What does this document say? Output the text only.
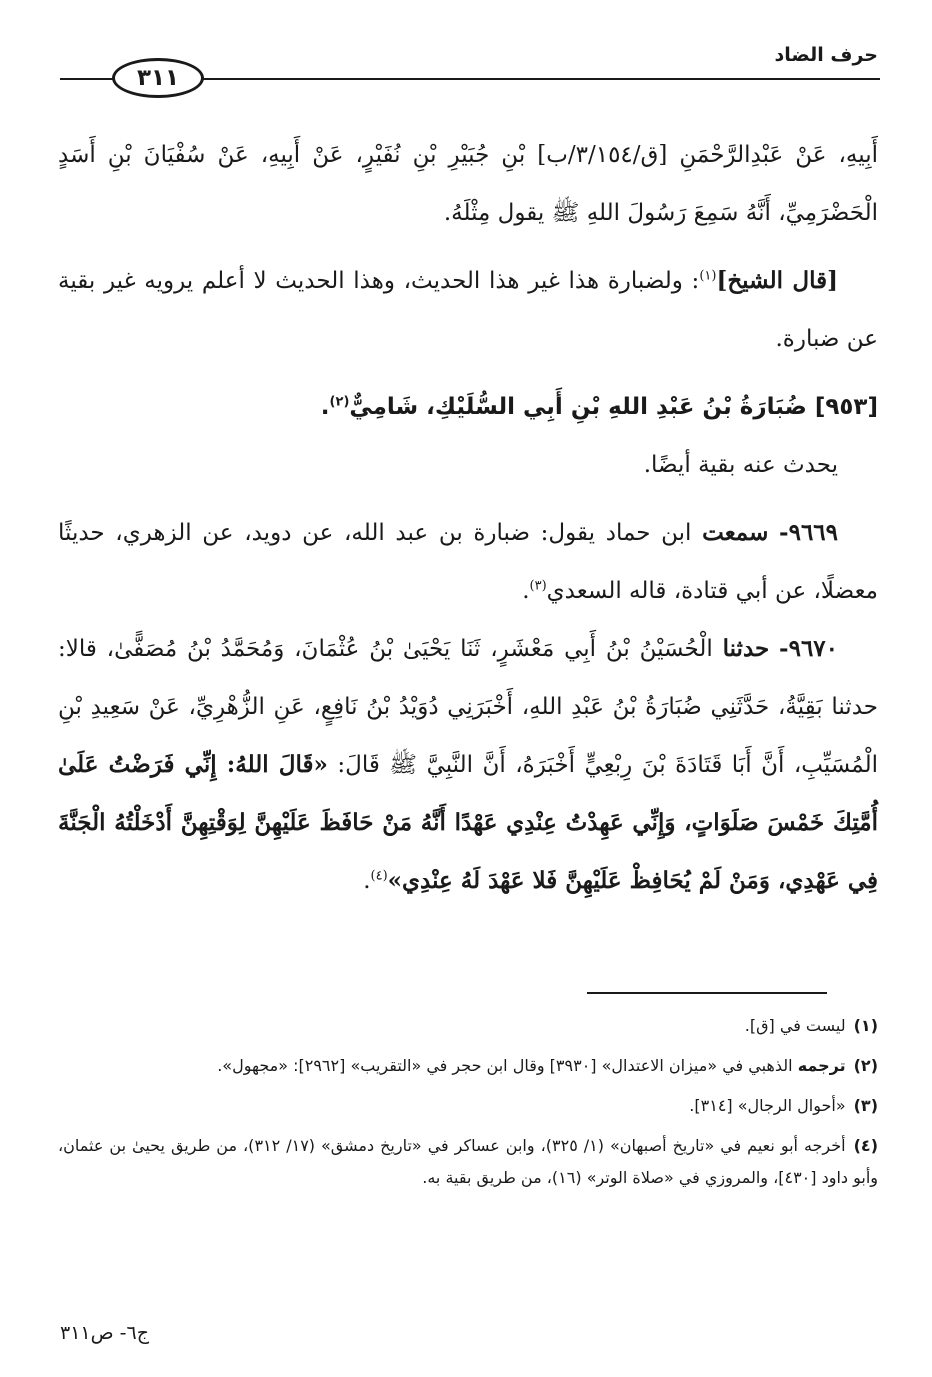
حرف الضاد
٣١١

أَبِيهِ، عَنْ عَبْدِالرَّحْمَنِ [ق/٣/١٥٤/ب] بْنِ جُبَيْرِ بْنِ نُفَيْرٍ، عَنْ أَبِيهِ، عَنْ سُفْيَانَ بْنِ أَسَدٍ الْحَضْرَمِيِّ، أَنَّهُ سَمِعَ رَسُولَ اللهِ ﷺ يقول مِثْلَهُ.

[قال الشيخ]$^{(١)}$: ولضبارة هذا غير هذا الحديث، وهذا الحديث لا أعلم يرويه غير بقية عن ضبارة.

[٩٥٣] ضُبَارَةُ بْنُ عَبْدِ اللهِ بْنِ أَبِي السُّلَيْكِ، شَامِيٌّ$^{(٢)}$.

يحدث عنه بقية أيضًا.

٩٦٦٩- سمعت ابن حماد يقول: ضبارة بن عبد الله، عن دويد، عن الزهري، حديثًا معضلًا، عن أبي قتادة، قاله السعدي$^{(٣)}$.

٩٦٧٠- حدثنا الْحُسَيْنُ بْنُ أَبِي مَعْشَرٍ، ثَنَا يَحْيَىٰ بْنُ عُثْمَانَ، وَمُحَمَّدُ بْنُ مُصَفًّىٰ، قالا: حدثنا بَقِيَّةُ، حَدَّثَنِي ضُبَارَةُ بْنُ عَبْدِ اللهِ، أَخْبَرَنِي دُوَيْدُ بْنُ نَافِعٍ، عَنِ الزُّهْرِيِّ، عَنْ سَعِيدِ بْنِ الْمُسَيِّبِ، أَنَّ أَبَا قَتَادَةَ بْنَ رِبْعِيٍّ أَخْبَرَهُ، أَنَّ النَّبِيَّ ﷺ قَالَ: «قَالَ اللهُ: إِنِّي فَرَضْتُ عَلَىٰ أُمَّتِكَ خَمْسَ صَلَوَاتٍ، وَإِنِّي عَهِدْتُ عِنْدِي عَهْدًا أَنَّهُ مَنْ حَافَظَ عَلَيْهِنَّ لِوَقْتِهِنَّ أَدْخَلْتُهُ الْجَنَّةَ فِي عَهْدِي، وَمَنْ لَمْ يُحَافِظْ عَلَيْهِنَّ فَلا عَهْدَ لَهُ عِنْدِي»$^{(٤)}$.

(١)ليست في [ق].

(٢)ترجمه الذهبي في «ميزان الاعتدال» [٣٩٣٠] وقال ابن حجر في «التقريب» [٢٩٦٢]: «مجهول».

(٣)«أحوال الرجال» [٣١٤].

(٤)أخرجه أبو نعيم في «تاريخ أصبهان» (١/ ٣٢٥)، وابن عساكر في «تاريخ دمشق» (١٧/ ٣١٢)، من طريق يحيىٰ بن عثمان، وأبو داود [٤٣٠]، والمروزي في «صلاة الوتر» (١٦)، من طريق بقية به.

ج٦- ص٣١١
